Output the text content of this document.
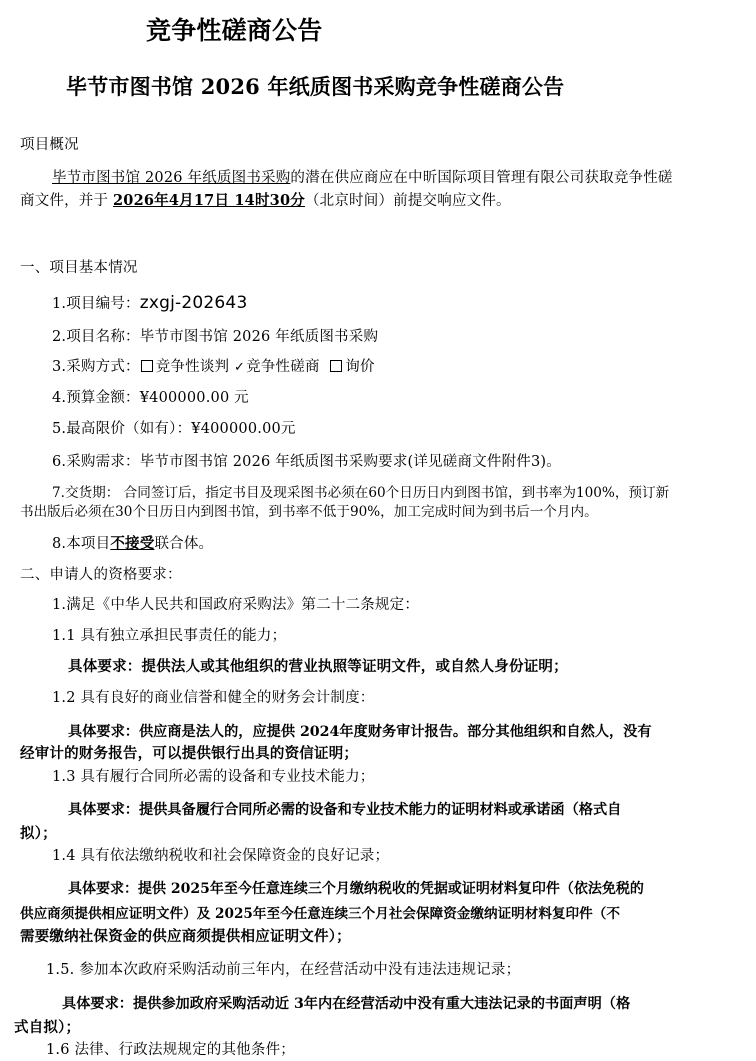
竞争性磋商公告
毕节市图书馆 2026 年纸质图书采购竞争性磋商公告
项目概况
毕节市图书馆 2026 年纸质图书采购的潜在供应商应在中昕国际项目管理有限公司获取竞争性磋
商文件，并于 2026年4月17日 14时30分（北京时间）前提交响应文件。
一、项目基本情况
1.项目编号：zxgj-202643
2.项目名称：毕节市图书馆 2026 年纸质图书采购
3.采购方式： 竞争性谈判 ✓竞争性磋商 询价
4.预算金额：¥400000.00 元
5.最高限价（如有）：¥400000.00元
6.采购需求：毕节市图书馆 2026 年纸质图书采购要求(详见磋商文件附件3)。
7.交货期： 合同签订后，指定书目及现采图书必须在60个日历日内到图书馆，到书率为100%，预订新
书出版后必须在30个日历日内到图书馆，到书率不低于90%，加工完成时间为到书后一个月内。
8.本项目不接受联合体。
二、申请人的资格要求：
1.满足《中华人民共和国政府采购法》第二十二条规定：
1.1 具有独立承担民事责任的能力；
具体要求：提供法人或其他组织的营业执照等证明文件，或自然人身份证明；
1.2 具有良好的商业信誉和健全的财务会计制度：
具体要求：供应商是法人的，应提供 2024年度财务审计报告。部分其他组织和自然人，没有
经审计的财务报告，可以提供银行出具的资信证明；
1.3 具有履行合同所必需的设备和专业技术能力；
具体要求：提供具备履行合同所必需的设备和专业技术能力的证明材料或承诺函（格式自
拟）；
1.4 具有依法缴纳税收和社会保障资金的良好记录；
具体要求：提供 2025年至今任意连续三个月缴纳税收的凭据或证明材料复印件（依法免税的
供应商须提供相应证明文件）及 2025年至今任意连续三个月社会保障资金缴纳证明材料复印件（不
需要缴纳社保资金的供应商须提供相应证明文件）；
1.5. 参加本次政府采购活动前三年内，在经营活动中没有违法违规记录；
具体要求：提供参加政府采购活动近 3年内在经营活动中没有重大违法记录的书面声明（格
式自拟）；
1.6 法律、行政法规规定的其他条件；
